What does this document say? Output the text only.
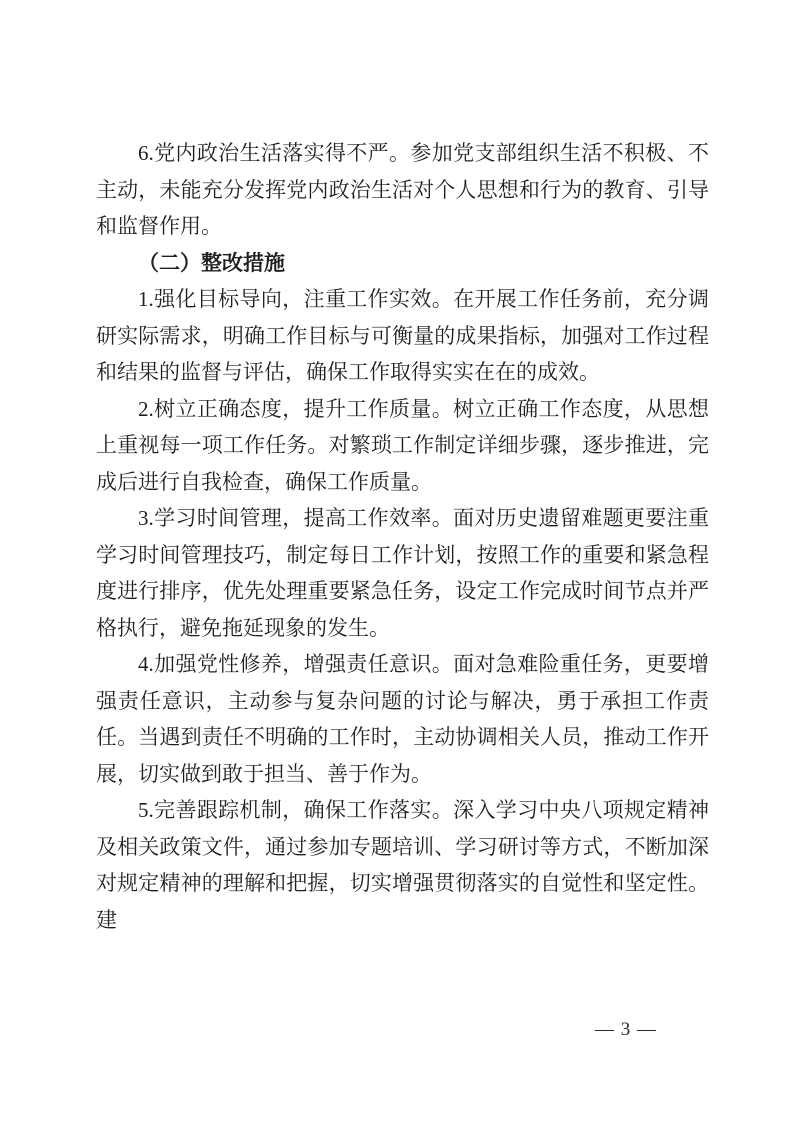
6.党内政治生活落实得不严。参加党支部组织生活不积极、不主动，未能充分发挥党内政治生活对个人思想和行为的教育、引导和监督作用。

（二）整改措施

1.强化目标导向，注重工作实效。在开展工作任务前，充分调研实际需求，明确工作目标与可衡量的成果指标，加强对工作过程和结果的监督与评估，确保工作取得实实在在的成效。

2.树立正确态度，提升工作质量。树立正确工作态度，从思想上重视每一项工作任务。对繁琐工作制定详细步骤，逐步推进，完成后进行自我检查，确保工作质量。

3.学习时间管理，提高工作效率。面对历史遗留难题更要注重学习时间管理技巧，制定每日工作计划，按照工作的重要和紧急程度进行排序，优先处理重要紧急任务，设定工作完成时间节点并严格执行，避免拖延现象的发生。

4.加强党性修养，增强责任意识。面对急难险重任务，更要增强责任意识，主动参与复杂问题的讨论与解决，勇于承担工作责任。当遇到责任不明确的工作时，主动协调相关人员，推动工作开展，切实做到敢于担当、善于作为。

5.完善跟踪机制，确保工作落实。深入学习中央八项规定精神及相关政策文件，通过参加专题培训、学习研讨等方式，不断加深对规定精神的理解和把握，切实增强贯彻落实的自觉性和坚定性。建

— 3 —
